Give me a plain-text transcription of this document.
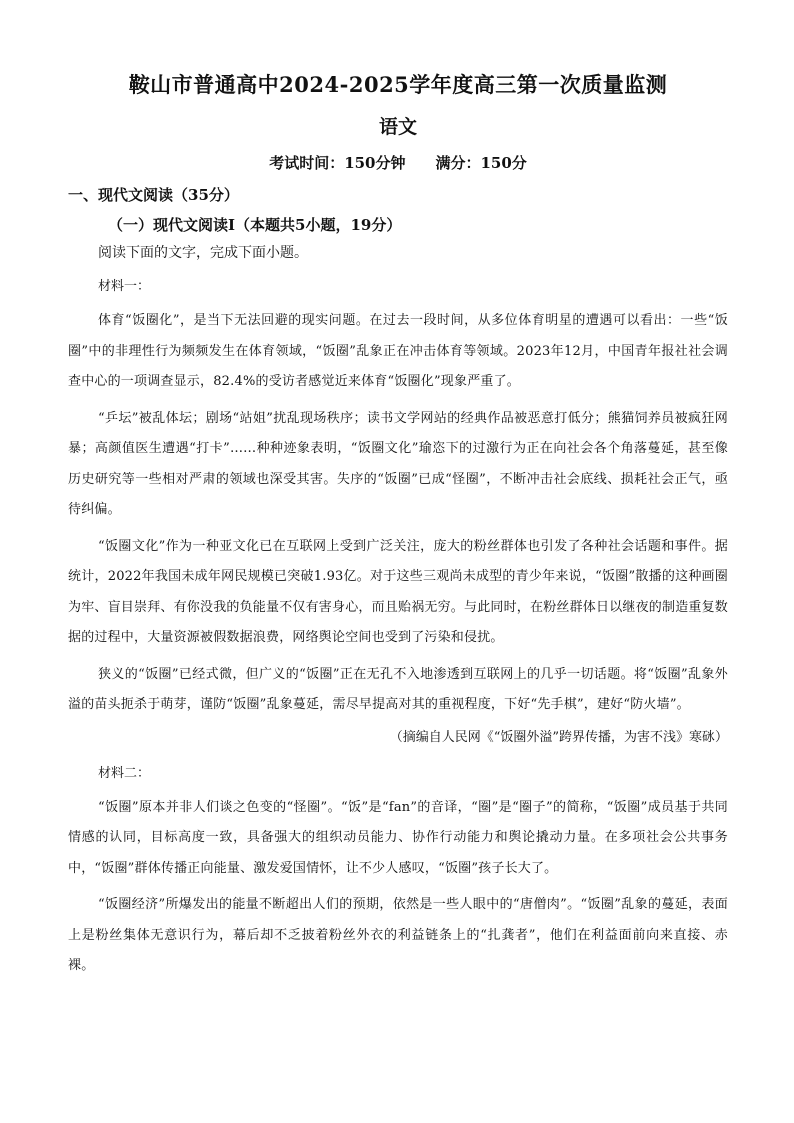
鞍山市普通高中2024-2025学年度高三第一次质量监测
语文
考试时间：150分钟 满分：150分
一、现代文阅读（35分）
（一）现代文阅读Ⅰ（本题共5小题，19分）
阅读下面的文字，完成下面小题。
材料一：

体育“饭圈化”，是当下无法回避的现实问题。在过去一段时间，从多位体育明星的遭遇可以看出：一些“饭圈”中的非理性行为频频发生在体育领域，“饭圈”乱象正在冲击体育等领域。2023年12月，中国青年报社社会调查中心的一项调查显示，82.4%的受访者感觉近来体育“饭圈化”现象严重了。

“乒坛”被乱体坛；剧场“站姐”扰乱现场秩序；读书文学网站的经典作品被恶意打低分；熊猫饲养员被疯狂网暴；高颜值医生遭遇“打卡”……种种迹象表明，“饭圈文化”瑜恣下的过激行为正在向社会各个角落蔓延，甚至像历史研究等一些相对严肃的领域也深受其害。失序的“饭圈”已成“怪圈”，不断冲击社会底线、损耗社会正气，亟待纠偏。

“饭圈文化”作为一种亚文化已在互联网上受到广泛关注，庞大的粉丝群体也引发了各种社会话题和事件。据统计，2022年我国未成年网民规模已突破1.93亿。对于这些三观尚未成型的青少年来说，“饭圈”散播的这种画圈为牢、盲目崇拜、有你没我的负能量不仅有害身心，而且贻祸无穷。与此同时，在粉丝群体日以继夜的制造重复数据的过程中，大量资源被假数据浪费，网络舆论空间也受到了污染和侵扰。

狭义的“饭圈”已经式微，但广义的“饭圈”正在无孔不入地渗透到互联网上的几乎一切话题。将“饭圈”乱象外溢的苗头扼杀于萌芽，谨防“饭圈”乱象蔓延，需尽早提高对其的重视程度，下好“先手棋”，建好“防火墙”。

（摘编自人民网《“饭圈外溢”跨界传播，为害不浅》寒砯）
材料二：

“饭圈”原本并非人们谈之色变的“怪圈”。“饭”是“fan”的音译，“圈”是“圈子”的简称，“饭圈”成员基于共同情感的认同，目标高度一致，具备强大的组织动员能力、协作行动能力和舆论撬动力量。在多项社会公共事务中，“饭圈”群体传播正向能量、激发爱国情怀，让不少人感叹，“饭圈”孩子长大了。

“饭圈经济”所爆发出的能量不断超出人们的预期，依然是一些人眼中的“唐僧肉”。“饭圈”乱象的蔓延，表面上是粉丝集体无意识行为，幕后却不乏披着粉丝外衣的利益链条上的“扎龚者”，他们在利益面前向来直接、赤裸。
